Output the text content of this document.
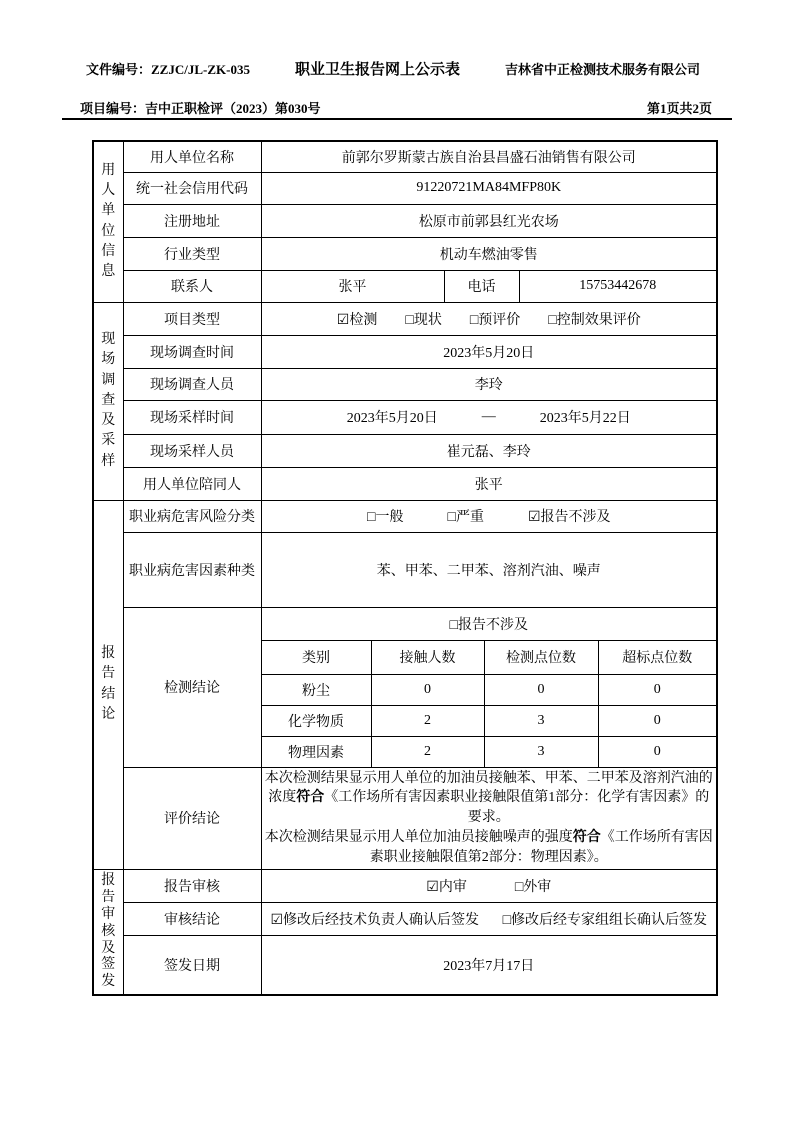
文件编号：ZZJC/JL-ZK-035	职业卫生报告网上公示表	吉林省中正检测技术服务有限公司
项目编号：吉中正职检评（2023）第030号	第1页共2页
用人单位信息	用人单位名称	前郭尔罗斯蒙古族自治县昌盛石油销售有限公司					
	统一社会信用代码	91220721MA84MFP80K					
	注册地址	松原市前郭县红光农场					
	行业类型	机动车燃油零售					
	联系人	张平		电话		15753442678	
现场调查及采样	项目类型	☑检测 □现状 □预评价 □控制效果评价					

	现场调查时间	2023年5月20日					
	现场调查人员	李玲					
	现场采样时间	2023年5月20日 — 2023年5月22日					

	现场采样人员	崔元磊、李玲					
	用人单位陪同人	张平					
报告结论	职业病危害风险分类	□一般 □严重 ☑报告不涉及					

	职业病危害因素种类	苯、甲苯、二甲苯、溶剂汽油、噪声					
	检测结论	□报告不涉及					
		类别	接触人数		检测点位数		超标点位数
		粉尘	0		0		0
		化学物质	2		3		0
		物理因素	2		3		0
	评价结论	本次检测结果显示用人单位的加油员接触苯、甲苯、二甲苯及溶剂汽油的浓度符合《工作场所有害因素职业接触限值第1部分：化学有害因素》的要求。

本次检测结果显示用人单位加油员接触噪声的强度符合《工作场所有害因素职业接触限值第2部分：物理因素》。					

报告审核及签发	报告审核	☑内审 □外审					

	审核结论	☑修改后经技术负责人确认后签发 □修改后经专家组组长确认后签发					

	签发日期	2023年7月17日					
